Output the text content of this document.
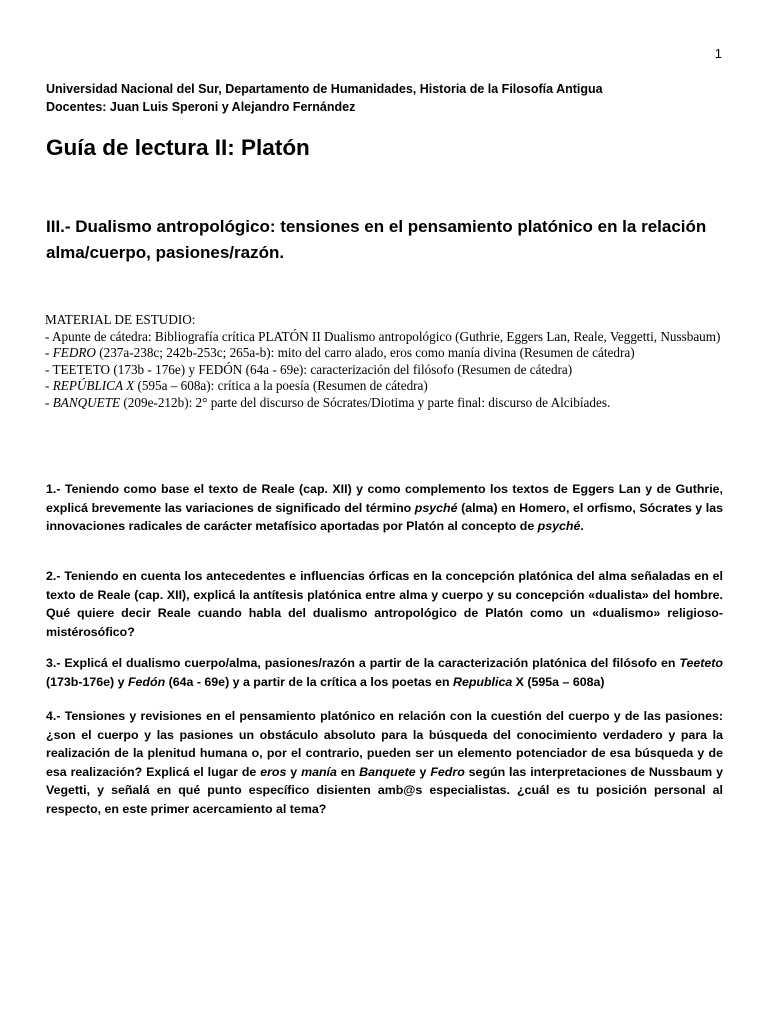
1
Universidad Nacional del Sur, Departamento de Humanidades, Historia de la Filosofía Antigua
Docentes: Juan Luis Speroni y Alejandro Fernández
Guía de lectura II: Platón
III.- Dualismo antropológico: tensiones en el pensamiento platónico en la relación alma/cuerpo, pasiones/razón.
MATERIAL DE ESTUDIO:
- Apunte de cátedra: Bibliografía crítica PLATÓN II Dualismo antropológico (Guthrie, Eggers Lan, Reale, Veggetti, Nussbaum)
- FEDRO (237a-238c; 242b-253c; 265a-b): mito del carro alado, eros como manía divina (Resumen de cátedra)
- TEETETO (173b - 176e) y FEDÓN (64a - 69e): caracterización del filósofo (Resumen de cátedra)
- REPÚBLICA X (595a – 608a): crítica a la poesía (Resumen de cátedra)
- BANQUETE (209e-212b): 2° parte del discurso de Sócrates/Diotima y parte final: discurso de Alcibíades.
1.- Teniendo como base el texto de Reale (cap. XII) y como complemento los textos de Eggers Lan y de Guthrie, explicá brevemente las variaciones de significado del término psyché (alma) en Homero, el orfismo, Sócrates y las innovaciones radicales de carácter metafísico aportadas por Platón al concepto de psyché.
2.- Teniendo en cuenta los antecedentes e influencias órficas en la concepción platónica del alma señaladas en el texto de Reale (cap. XII), explicá la antítesis platónica entre alma y cuerpo y su concepción «dualista» del hombre. Qué quiere decir Reale cuando habla del dualismo antropológico de Platón como un «dualismo» religioso-mistérosófico?
3.- Explicá el dualismo cuerpo/alma, pasiones/razón a partir de la caracterización platónica del filósofo en Teeteto (173b-176e) y Fedón (64a - 69e) y a partir de la crítica a los poetas en Republica X (595a – 608a)
4.- Tensiones y revisiones en el pensamiento platónico en relación con la cuestión del cuerpo y de las pasiones: ¿son el cuerpo y las pasiones un obstáculo absoluto para la búsqueda del conocimiento verdadero y para la realización de la plenitud humana o, por el contrario, pueden ser un elemento potenciador de esa búsqueda y de esa realización? Explicá el lugar de eros y manía en Banquete y Fedro según las interpretaciones de Nussbaum y Vegetti, y señalá en qué punto específico disienten amb@s especialistas. ¿cuál es tu posición personal al respecto, en este primer acercamiento al tema?
